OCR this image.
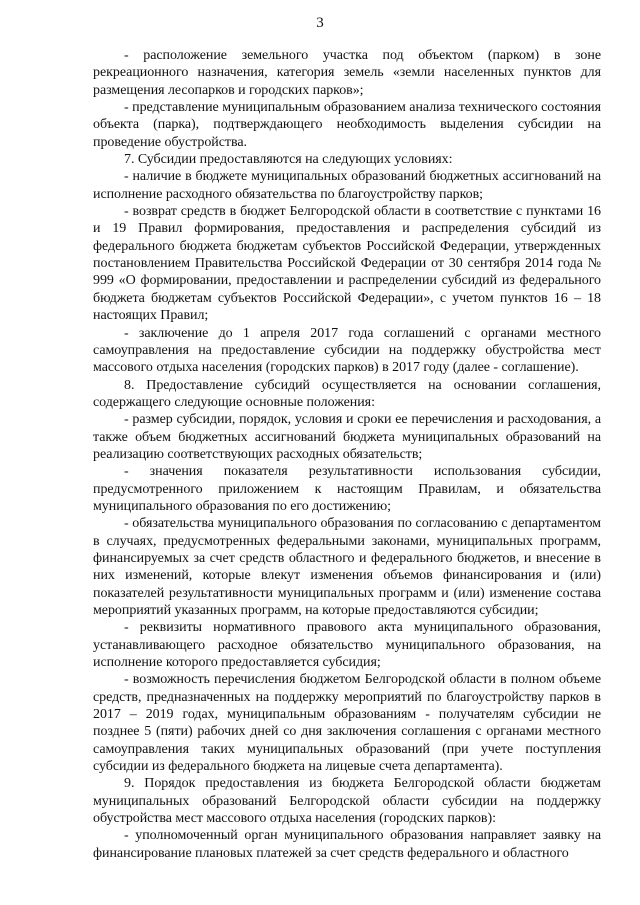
3

- расположение земельного участка под объектом (парком) в зоне рекреационного назначения, категория земель «земли населенных пунктов для размещения лесопарков и городских парков»;

- представление муниципальным образованием анализа технического состояния объекта (парка), подтверждающего необходимость выделения субсидии на проведение обустройства.

7. Субсидии предоставляются на следующих условиях:

- наличие в бюджете муниципальных образований бюджетных ассигнований на исполнение расходного обязательства по благоустройству парков;

- возврат средств в бюджет Белгородской области в соответствие с пунктами 16 и 19 Правил формирования, предоставления и распределения субсидий из федерального бюджета бюджетам субъектов Российской Федерации, утвержденных постановлением Правительства Российской Федерации от 30 сентября 2014 года № 999 «О формировании, предоставлении и распределении субсидий из федерального бюджета бюджетам субъектов Российской Федерации», с учетом пунктов 16 – 18 настоящих Правил;

- заключение до 1 апреля 2017 года соглашений с органами местного самоуправления на предоставление субсидии на поддержку обустройства мест массового отдыха населения (городских парков) в 2017 году (далее - соглашение).

8. Предоставление субсидий осуществляется на основании соглашения, содержащего следующие основные положения:

- размер субсидии, порядок, условия и сроки ее перечисления и расходования, а также объем бюджетных ассигнований бюджета муниципальных образований на реализацию соответствующих расходных обязательств;

- значения показателя результативности использования субсидии, предусмотренного приложением к настоящим Правилам, и обязательства муниципального образования по его достижению;

- обязательства муниципального образования по согласованию с департаментом в случаях, предусмотренных федеральными законами, муниципальных программ, финансируемых за счет средств областного и федерального бюджетов, и внесение в них изменений, которые влекут изменения объемов финансирования и (или) показателей результативности муниципальных программ и (или) изменение состава мероприятий указанных программ, на которые предоставляются субсидии;

- реквизиты нормативного правового акта муниципального образования, устанавливающего расходное обязательство муниципального образования, на исполнение которого предоставляется субсидия;

- возможность перечисления бюджетом Белгородской области в полном объеме средств, предназначенных на поддержку мероприятий по благоустройству парков в 2017 – 2019 годах, муниципальным образованиям - получателям субсидии не позднее 5 (пяти) рабочих дней со дня заключения соглашения с органами местного самоуправления таких муниципальных образований (при учете поступления субсидии из федерального бюджета на лицевые счета департамента).

9. Порядок предоставления из бюджета Белгородской области бюджетам муниципальных образований Белгородской области субсидии на поддержку обустройства мест массового отдыха населения (городских парков):

- уполномоченный орган муниципального образования направляет заявку на финансирование плановых платежей за счет средств федерального и областного
